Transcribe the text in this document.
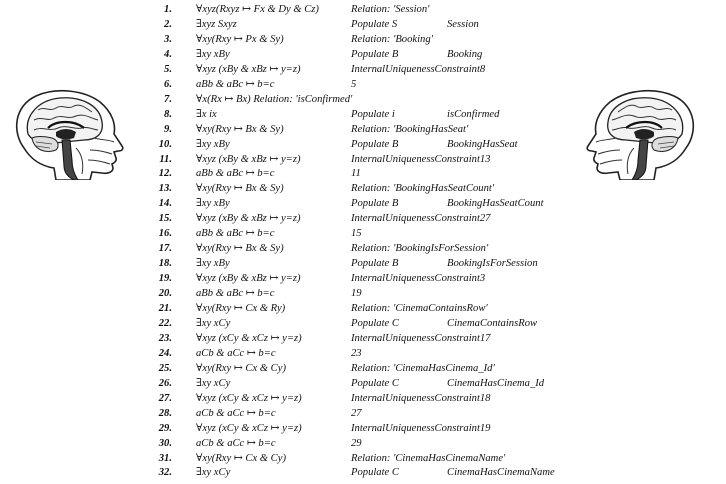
1. ∀xyz(Rxyz ↦ Fx & Dy & Cz)	Relation: 'Session'
2. ∃xyz Sxyz	Populate S	Session
3. ∀xy(Rxy ↦ Px & Sy)	Relation: 'Booking'
4. ∃xy xBy	Populate B	Booking
5. ∀xyz (xBy & xBz ↦ y=z)	InternalUniquenessConstraint8
6. aBb & aBc ↦ b=c	5
7. ∀x(Rx ↦ Bx) Relation: 'isConfirmed'
8. ∃x ix	Populate i	isConfirmed
9. ∀xy(Rxy ↦ Bx & Sy)	Relation: 'BookingHasSeat'
10. ∃xy xBy	Populate B	BookingHasSeat
11. ∀xyz (xBy & xBz ↦ y=z)	InternalUniquenessConstraint13
12. aBb & aBc ↦ b=c	11
13. ∀xy(Rxy ↦ Bx & Sy)	Relation: 'BookingHasSeatCount'
14. ∃xy xBy	Populate B	BookingHasSeatCount
15. ∀xyz (xBy & xBz ↦ y=z)	InternalUniquenessConstraint27
16. aBb & aBc ↦ b=c	15
17. ∀xy(Rxy ↦ Bx & Sy)	Relation: 'BookingIsForSession'
18. ∃xy xBy	Populate B	BookingIsForSession
19. ∀xyz (xBy & xBz ↦ y=z)	InternalUniquenessConstraint3
20. aBb & aBc ↦ b=c	19
21. ∀xy(Rxy ↦ Cx & Ry)	Relation: 'CinemaContainsRow'
22. ∃xy xCy	Populate C	CinemaContainsRow
23. ∀xyz (xCy & xCz ↦ y=z)	InternalUniquenessConstraint17
24. aCb & aCc ↦ b=c	23
25. ∀xy(Rxy ↦ Cx & Cy)	Relation: 'CinemaHasCinema_Id'
26. ∃xy xCy	Populate C	CinemaHasCinema_Id
27. ∀xyz (xCy & xCz ↦ y=z)	InternalUniquenessConstraint18
28. aCb & aCc ↦ b=c	27
29. ∀xyz (xCy & xCz ↦ y=z)	InternalUniquenessConstraint19
30. aCb & aCc ↦ b=c	29
31. ∀xy(Rxy ↦ Cx & Cy)	Relation: 'CinemaHasCinemaName'
32. ∃xy xCy	Populate C	CinemaHasCinemaName
